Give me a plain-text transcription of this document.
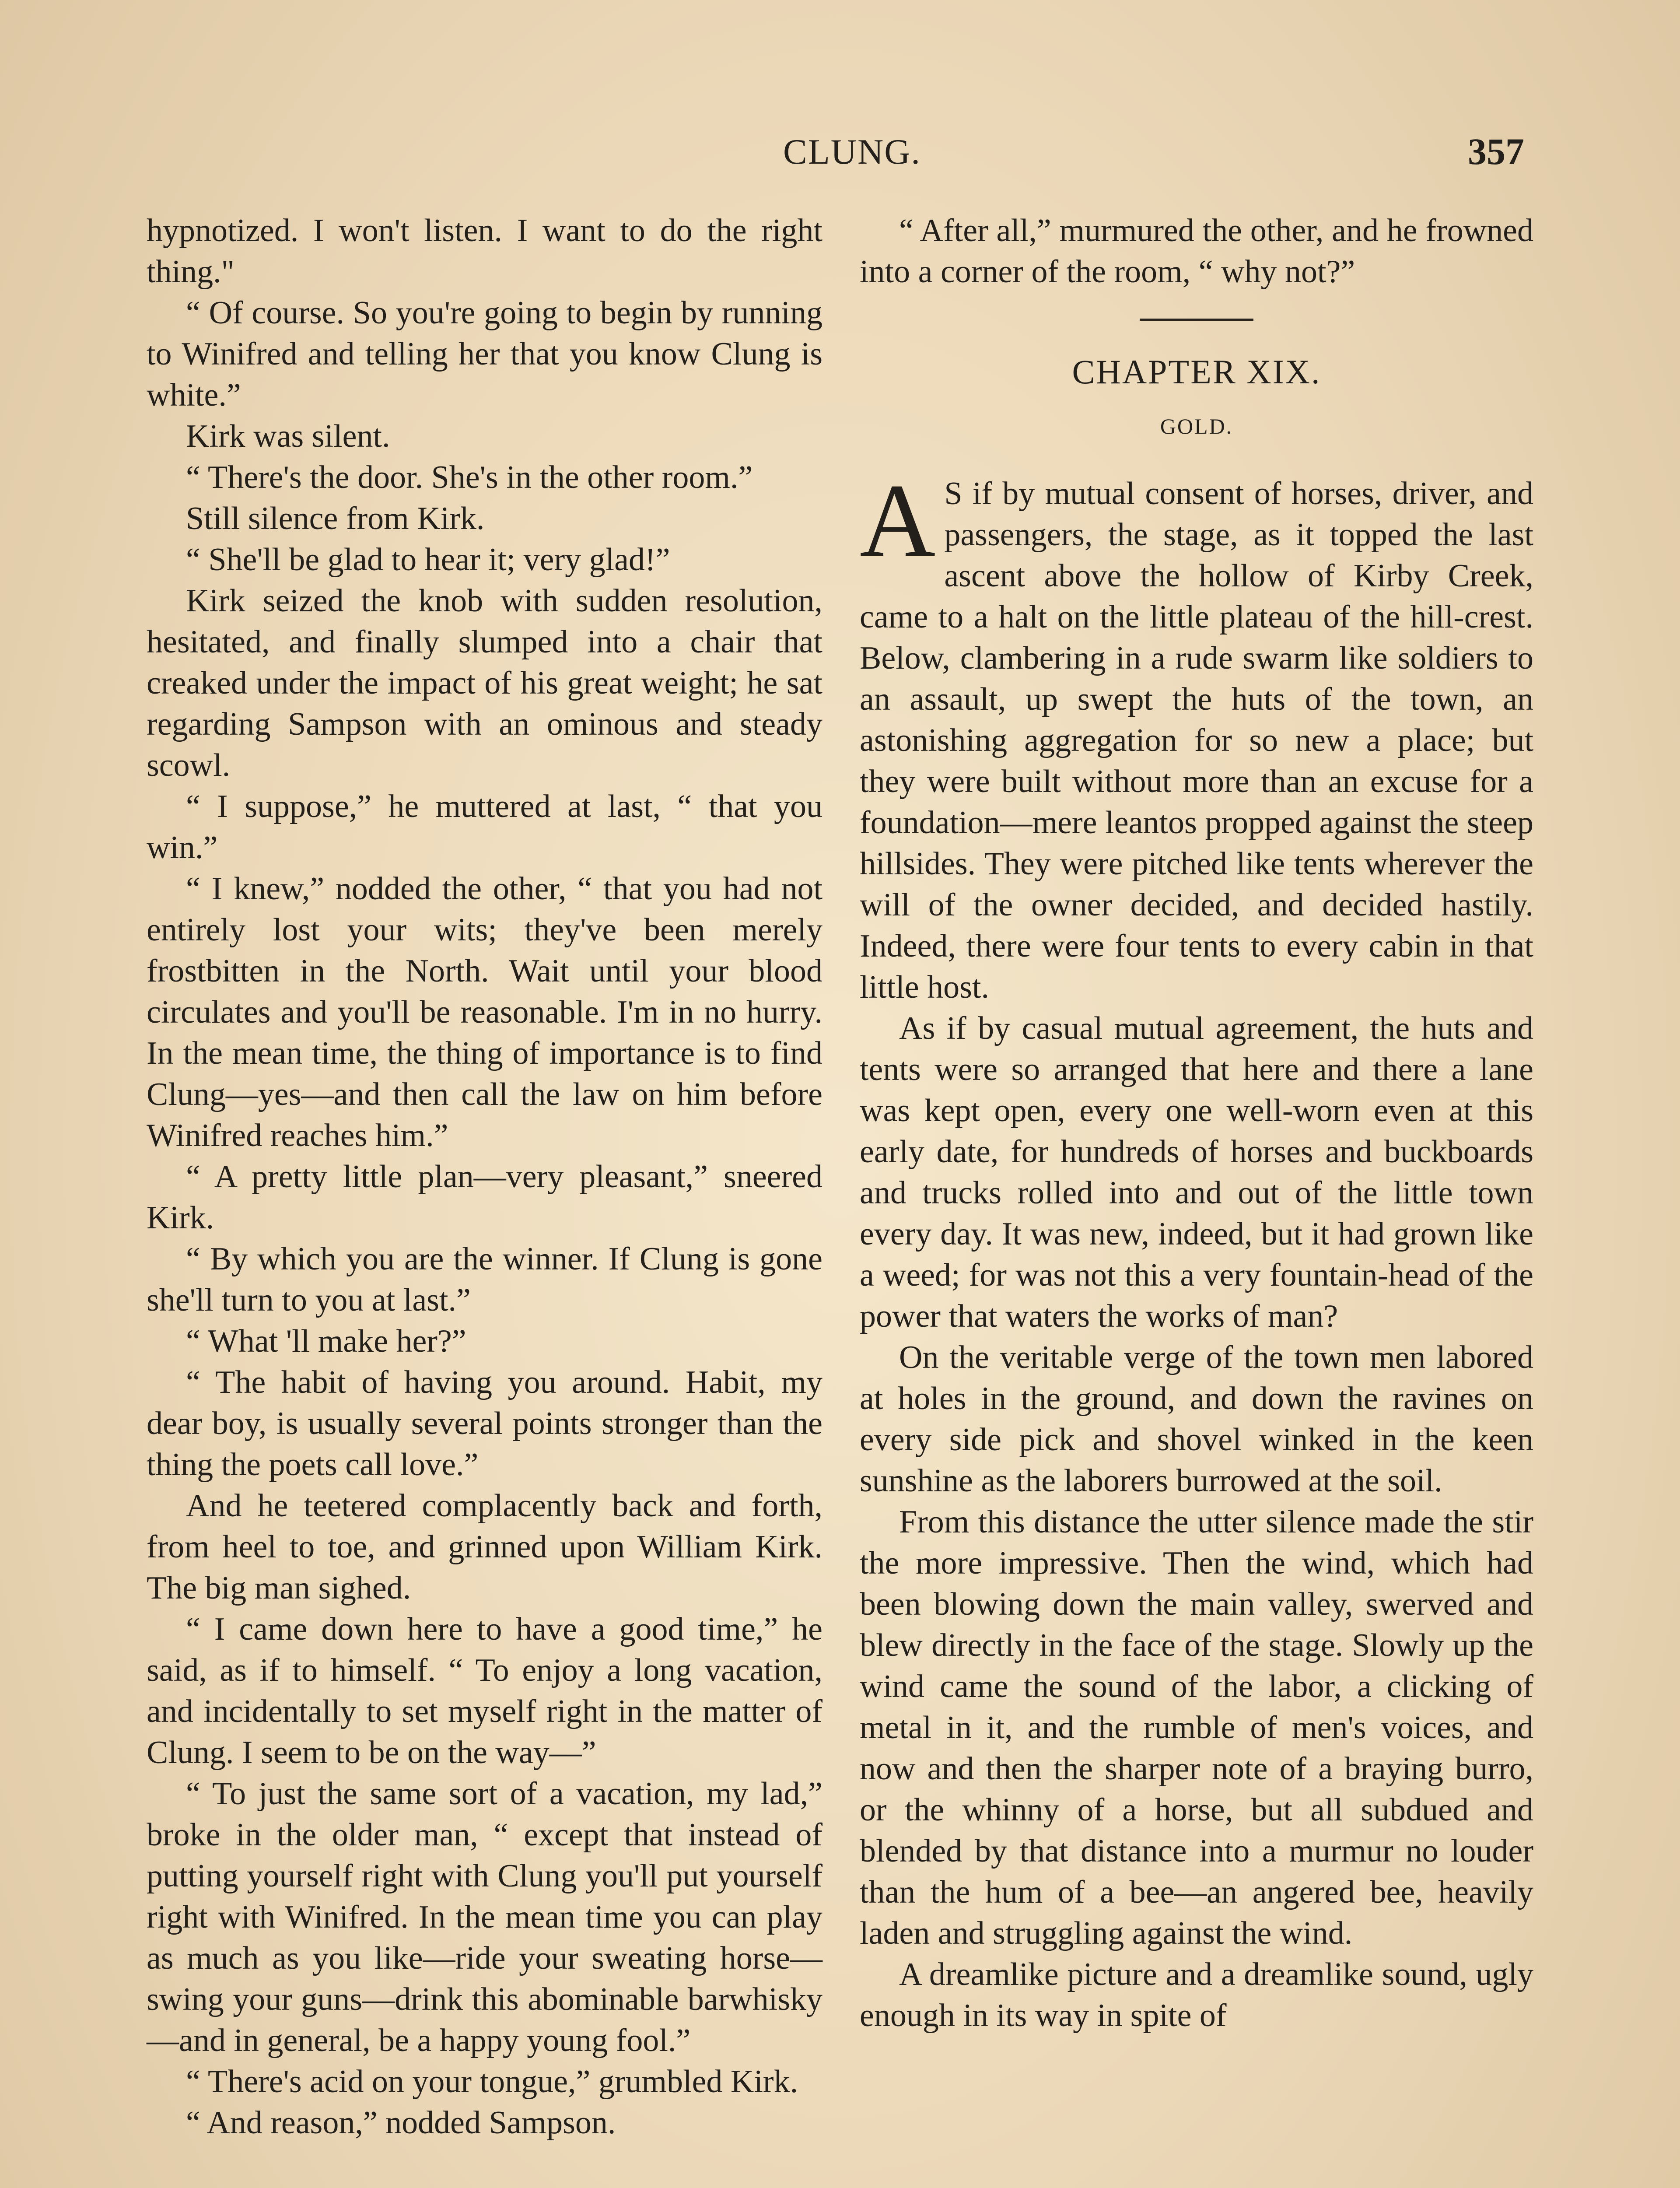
CLUNG.	357

hypnotized. I won't listen. I want to do the right thing."

“ Of course. So you're going to begin by running to Winifred and telling her that you know Clung is white.”

Kirk was silent.

“ There's the door. She's in the other room.”

Still silence from Kirk.

“ She'll be glad to hear it; very glad!”

Kirk seized the knob with sudden resolution, hesitated, and finally slumped into a chair that creaked under the impact of his great weight; he sat regarding Sampson with an ominous and steady scowl.

“ I suppose,” he muttered at last, “ that you win.”

“ I knew,” nodded the other, “ that you had not entirely lost your wits; they've been merely frostbitten in the North. Wait until your blood circulates and you'll be reasonable. I'm in no hurry. In the mean time, the thing of importance is to find Clung—yes—and then call the law on him before Winifred reaches him.”

“ A pretty little plan—very pleasant,” sneered Kirk.

“ By which you are the winner. If Clung is gone she'll turn to you at last.”

“ What 'll make her?”

“ The habit of having you around. Habit, my dear boy, is usually several points stronger than the thing the poets call love.”

And he teetered complacently back and forth, from heel to toe, and grinned upon William Kirk. The big man sighed.

“ I came down here to have a good time,” he said, as if to himself. “ To enjoy a long vacation, and incidentally to set myself right in the matter of Clung. I seem to be on the way—”

“ To just the same sort of a vacation, my lad,” broke in the older man, “ except that instead of putting yourself right with Clung you'll put yourself right with Winifred. In the mean time you can play as much as you like—ride your sweating horse—swing your guns—drink this abominable barwhisky—and in general, be a happy young fool.”

“ There's acid on your tongue,” grumbled Kirk.

“ And reason,” nodded Sampson.

“ After all,” murmured the other, and he frowned into a corner of the room, “ why not?”

CHAPTER XIX.
GOLD.

A S if by mutual consent of horses, driver, and passengers, the stage, as it topped the last ascent above the hollow of Kirby Creek, came to a halt on the little plateau of the hill-crest. Below, clambering in a rude swarm like soldiers to an assault, up swept the huts of the town, an astonishing aggregation for so new a place; but they were built without more than an excuse for a foundation—mere leantos propped against the steep hillsides. They were pitched like tents wherever the will of the owner decided, and decided hastily. Indeed, there were four tents to every cabin in that little host.

As if by casual mutual agreement, the huts and tents were so arranged that here and there a lane was kept open, every one well-worn even at this early date, for hundreds of horses and buckboards and trucks rolled into and out of the little town every day. It was new, indeed, but it had grown like a weed; for was not this a very fountain-head of the power that waters the works of man?

On the veritable verge of the town men labored at holes in the ground, and down the ravines on every side pick and shovel winked in the keen sunshine as the laborers burrowed at the soil.

From this distance the utter silence made the stir the more impressive. Then the wind, which had been blowing down the main valley, swerved and blew directly in the face of the stage. Slowly up the wind came the sound of the labor, a clicking of metal in it, and the rumble of men's voices, and now and then the sharper note of a braying burro, or the whinny of a horse, but all subdued and blended by that distance into a murmur no louder than the hum of a bee—an angered bee, heavily laden and struggling against the wind.

A dreamlike picture and a dreamlike sound, ugly enough in its way in spite of
